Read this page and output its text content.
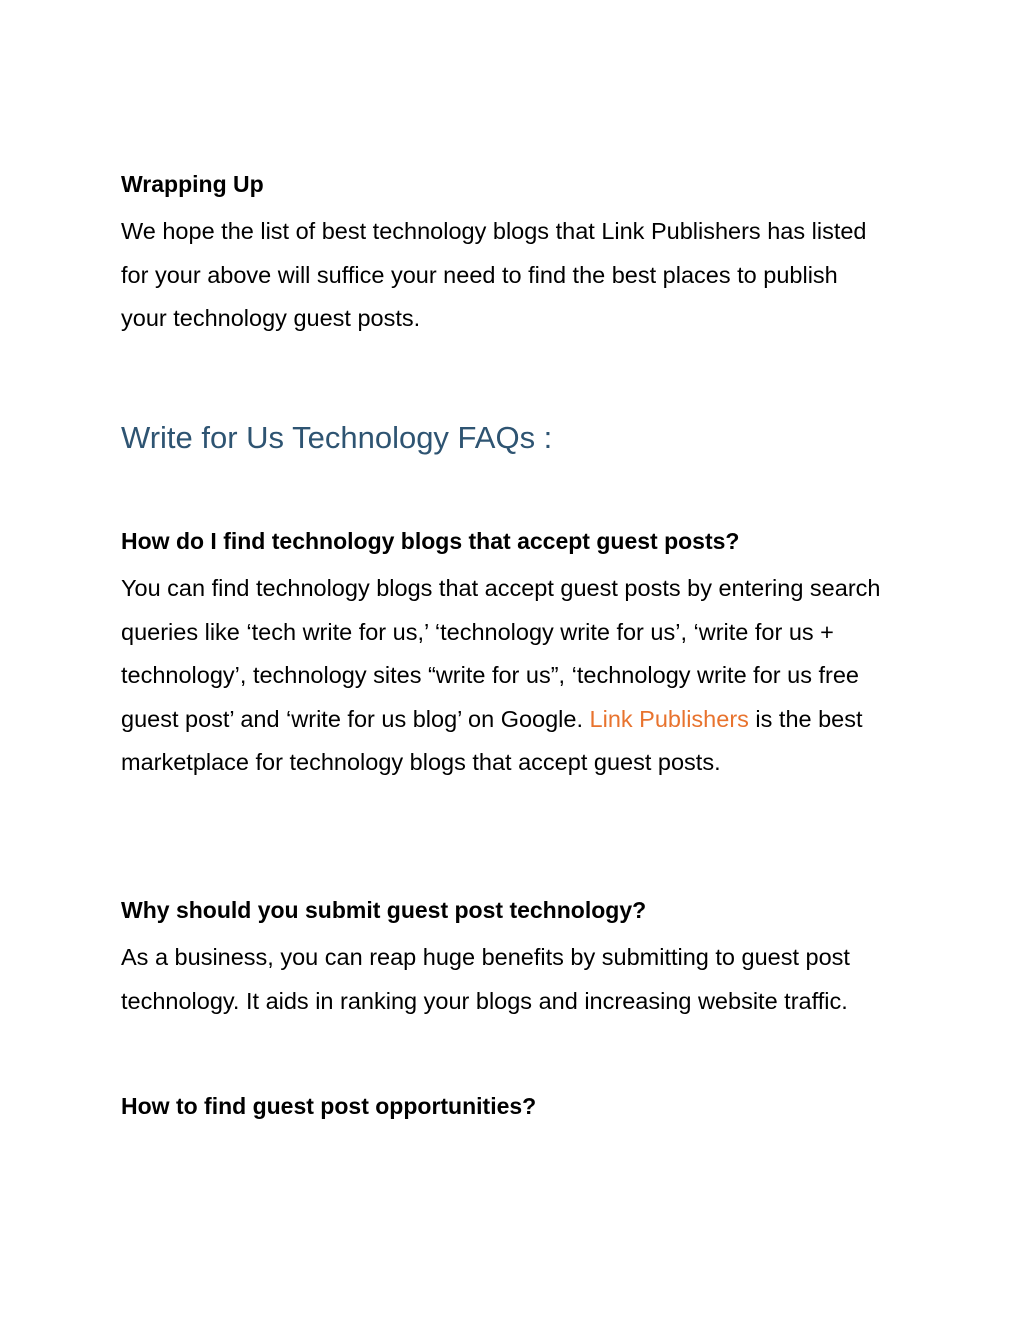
Wrapping Up

We hope the list of best technology blogs that Link Publishers has listed for your above will suffice your need to find the best places to publish your technology guest posts.

Write for Us Technology FAQs :
How do I find technology blogs that accept guest posts?

You can find technology blogs that accept guest posts by entering search queries like ‘tech write for us,’ ‘technology write for us’, ‘write for us + technology’, technology sites “write for us”, ‘technology write for us free guest post’ and ‘write for us blog’ on Google. Link Publishers is the best marketplace for technology blogs that accept guest posts.

Why should you submit guest post technology?

As a business, you can reap huge benefits by submitting to guest post technology. It aids in ranking your blogs and increasing website traffic.

How to find guest post opportunities?
